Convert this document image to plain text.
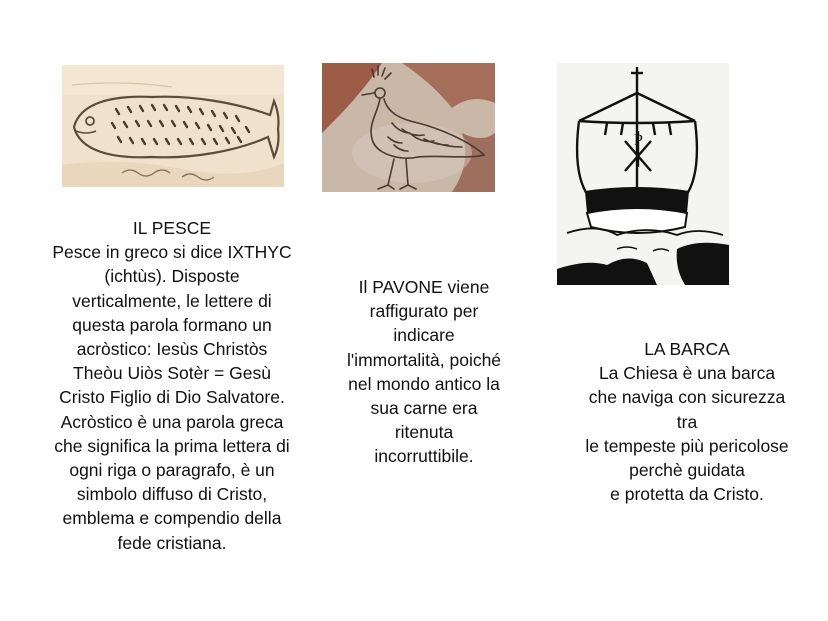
P
IL PESCE
Pesce in greco si dice IXTHYC
(ichtùs). Disposte
verticalmente, le lettere di
questa parola formano un
acròstico: Iesùs Christòs
Theòu Uiòs Sotèr = Gesù
Cristo Figlio di Dio Salvatore.
Acròstico è una parola greca
che significa la prima lettera di
ogni riga o paragrafo, è un
simbolo diffuso di Cristo,
emblema e compendio della
fede cristiana.
Il PAVONE viene
raffigurato per
indicare
l'immortalità, poiché
nel mondo antico la
sua carne era
ritenuta
incorruttibile.
LA BARCA
La Chiesa è una barca
che naviga con sicurezza
tra
le tempeste più pericolose
perchè guidata
e protetta da Cristo.
